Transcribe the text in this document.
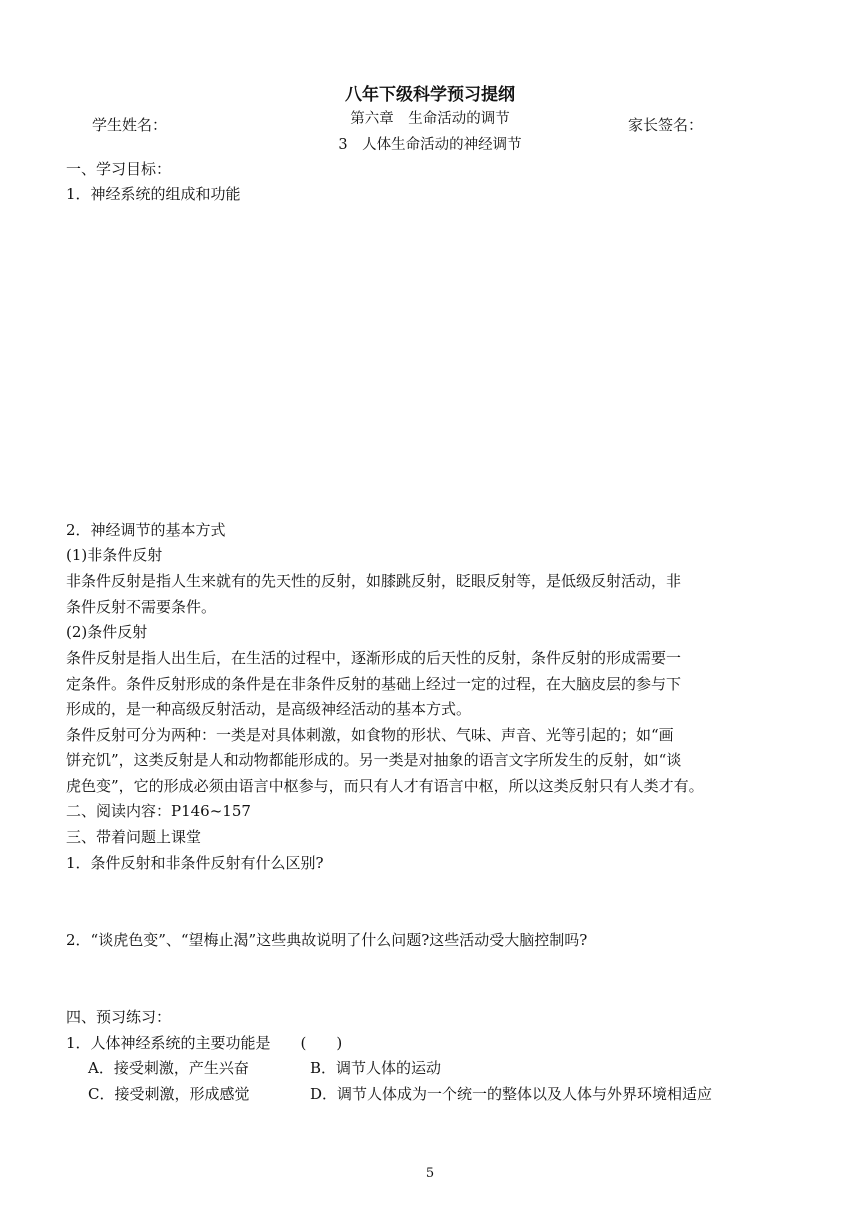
八年下级科学预习提纲
学生姓名：	第六章　生命活动的调节	家长签名：
3　人体生命活动的神经调节
一、学习目标：
1．神经系统的组成和功能
2．神经调节的基本方式
(1)非条件反射
非条件反射是指人生来就有的先天性的反射，如膝跳反射，眨眼反射等，是低级反射活动，非
条件反射不需要条件。
(2)条件反射
条件反射是指人出生后，在生活的过程中，逐渐形成的后天性的反射，条件反射的形成需要一
定条件。条件反射形成的条件是在非条件反射的基础上经过一定的过程，在大脑皮层的参与下
形成的，是一种高级反射活动，是高级神经活动的基本方式。
条件反射可分为两种：一类是对具体刺激，如食物的形状、气味、声音、光等引起的；如“画
饼充饥”，这类反射是人和动物都能形成的。另一类是对抽象的语言文字所发生的反射，如“谈
虎色变”，它的形成必须由语言中枢参与，而只有人才有语言中枢，所以这类反射只有人类才有。
二、阅读内容：P146~157
三、带着问题上课堂
1．条件反射和非条件反射有什么区别?
2．“谈虎色变”、“望梅止渴”这些典故说明了什么问题?这些活动受大脑控制吗?
四、预习练习：
1．人体神经系统的主要功能是　　(　　)
A．接受刺激，产生兴奋	B．调节人体的运动
C．接受刺激，形成感觉	D．调节人体成为一个统一的整体以及人体与外界环境相适应
5
